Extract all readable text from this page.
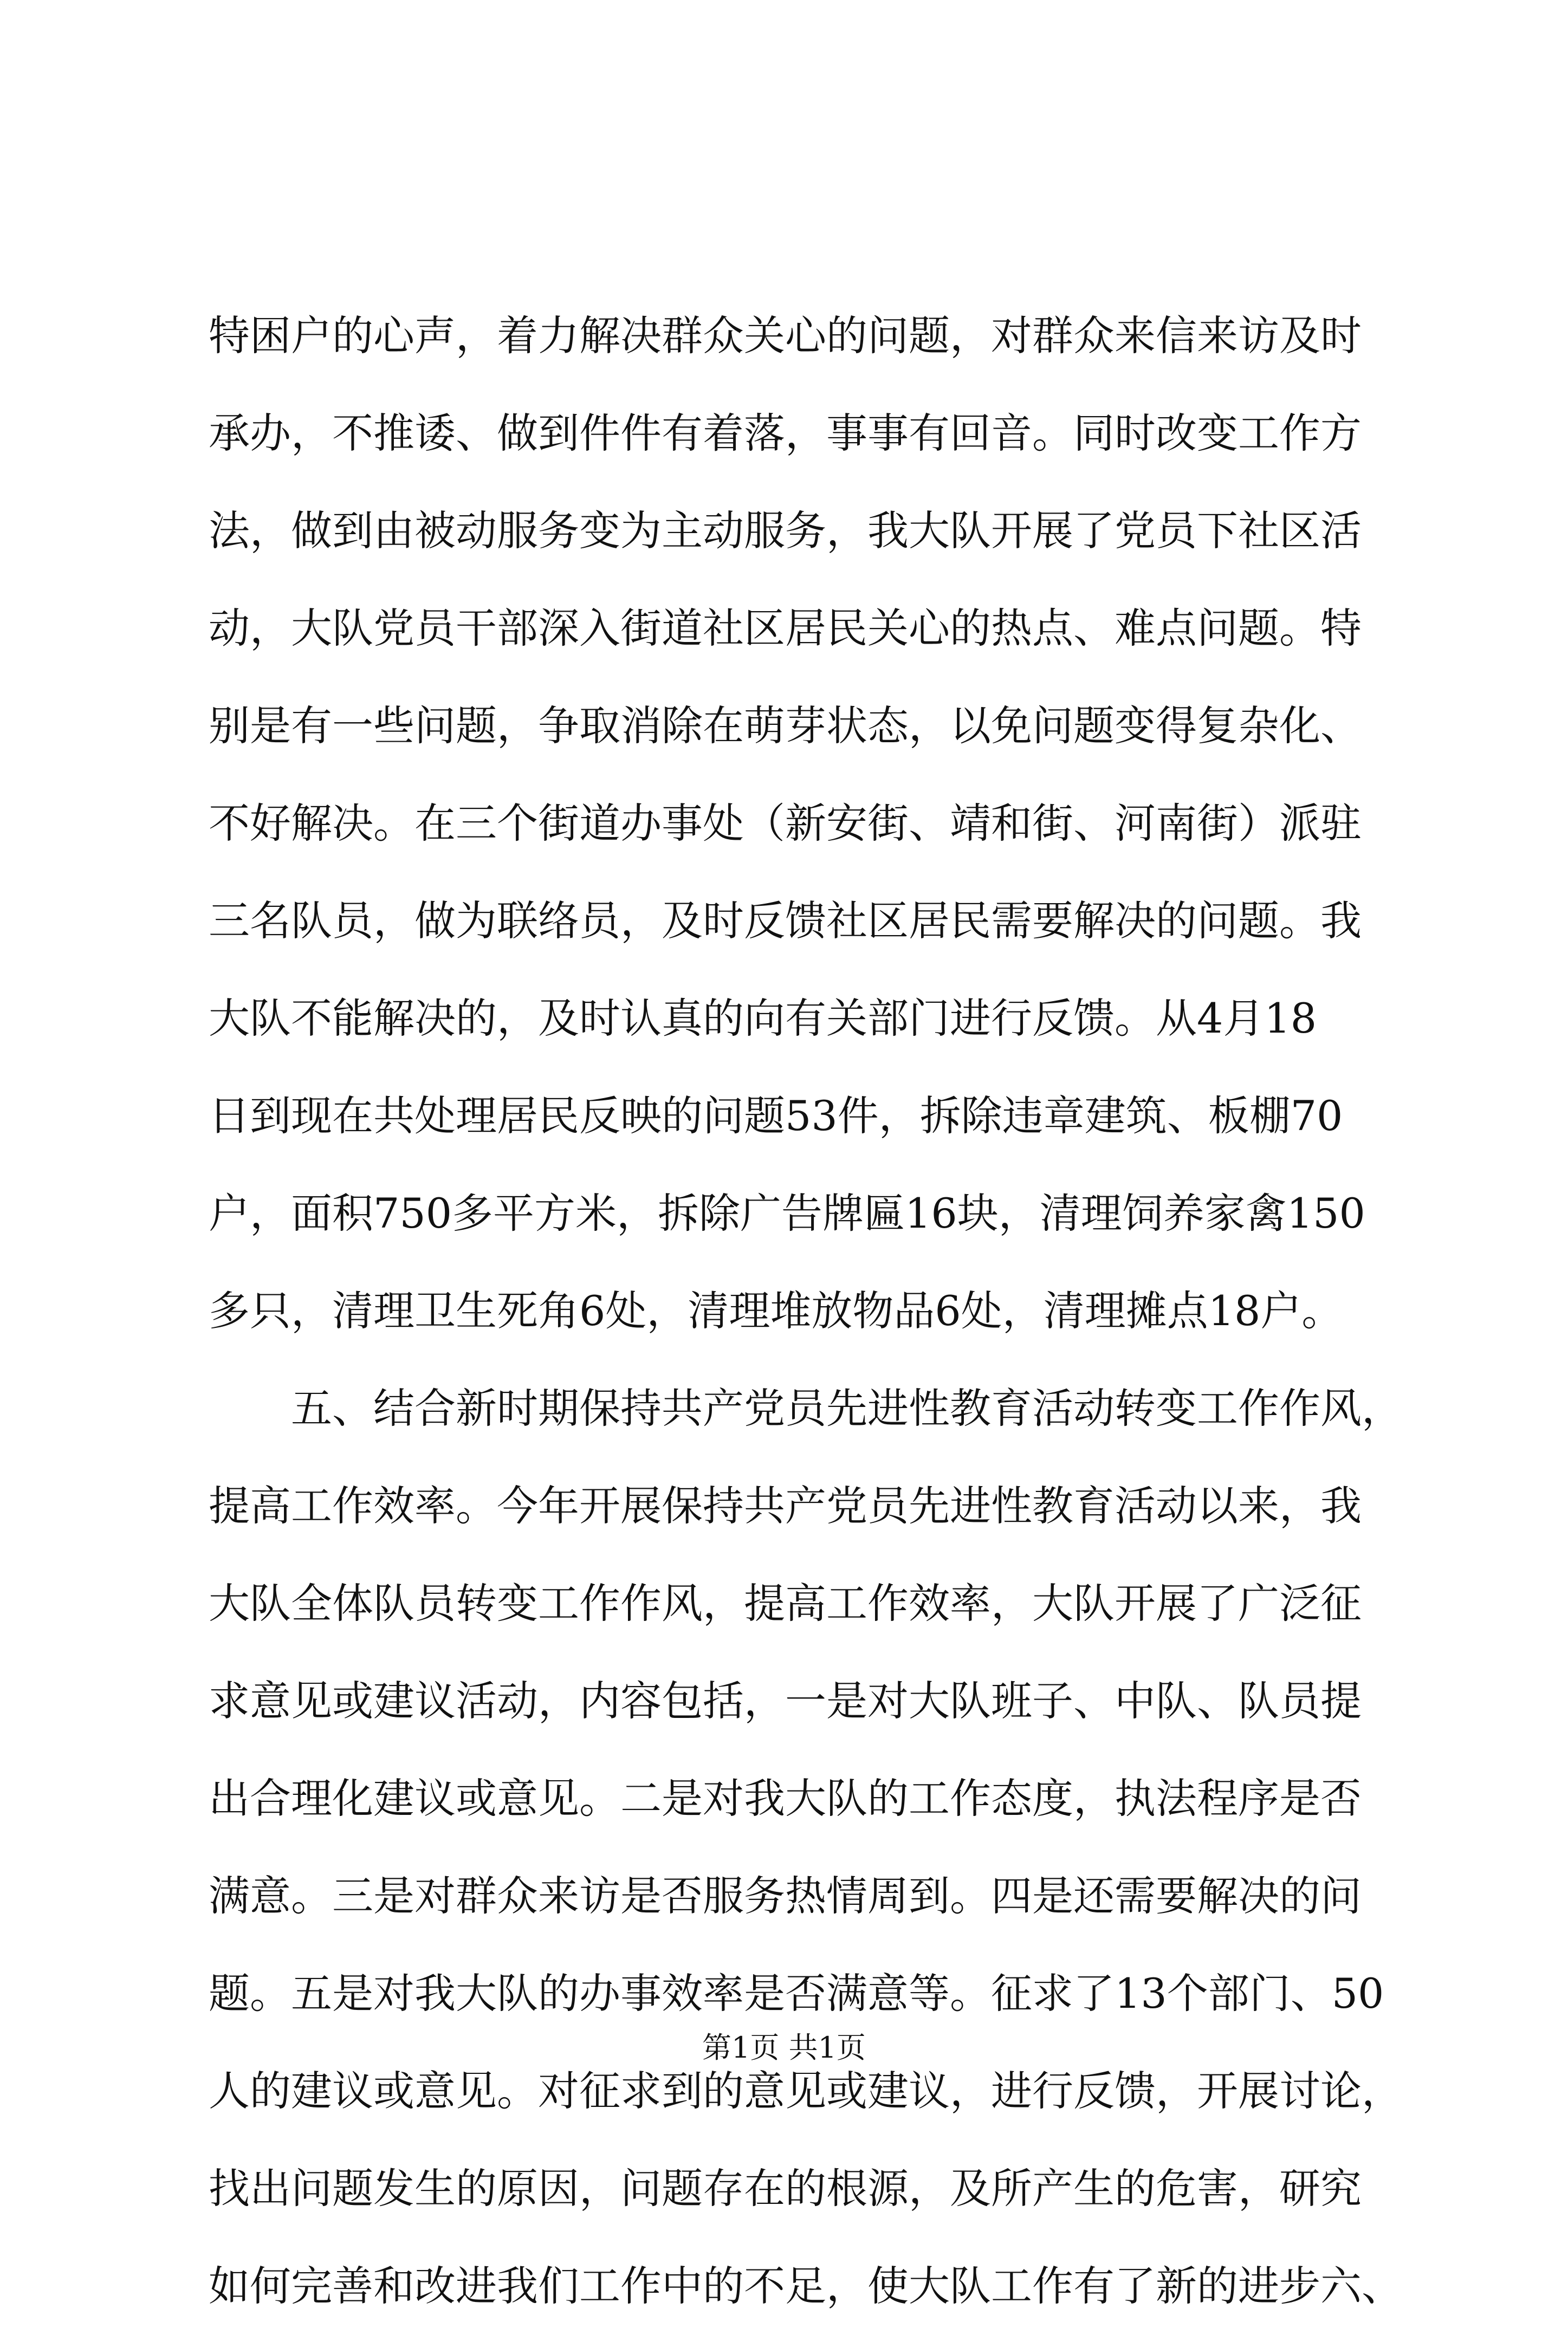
特困户的心声，着力解决群众关心的问题，对群众来信来访及时
承办，不推诿、做到件件有着落，事事有回音。同时改变工作方
法，做到由被动服务变为主动服务，我大队开展了党员下社区活
动，大队党员干部深入街道社区居民关心的热点、难点问题。特
别是有一些问题，争取消除在萌芽状态，以免问题变得复杂化、
不好解决。在三个街道办事处（新安街、靖和街、河南街）派驻
三名队员，做为联络员，及时反馈社区居民需要解决的问题。我
大队不能解决的，及时认真的向有关部门进行反馈。从4月18
日到现在共处理居民反映的问题53件，拆除违章建筑、板棚70
户，面积750多平方米，拆除广告牌匾16块，清理饲养家禽150
多只，清理卫生死角6处，清理堆放物品6处，清理摊点18户。
五、结合新时期保持共产党员先进性教育活动转变工作作风，
提高工作效率。今年开展保持共产党员先进性教育活动以来，我
大队全体队员转变工作作风，提高工作效率，大队开展了广泛征
求意见或建议活动，内容包括，一是对大队班子、中队、队员提
出合理化建议或意见。二是对我大队的工作态度，执法程序是否
满意。三是对群众来访是否服务热情周到。四是还需要解决的问
题。五是对我大队的办事效率是否满意等。征求了13个部门、50
人的建议或意见。对征求到的意见或建议，进行反馈，开展讨论，
找出问题发生的原因，问题存在的根源，及所产生的危害，研究
如何完善和改进我们工作中的不足，使大队工作有了新的进步六、
第1页 共1页
